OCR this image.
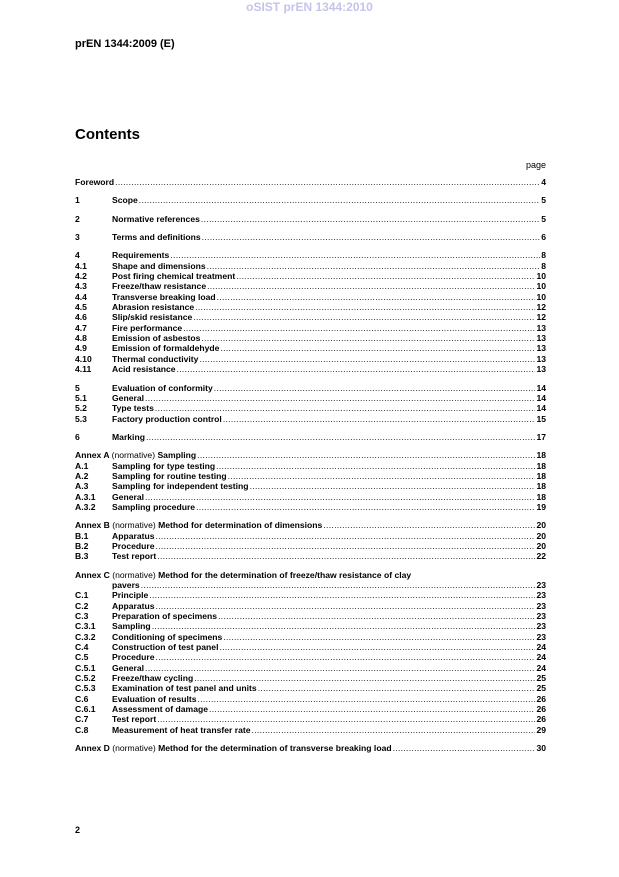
oSIST prEN 1344:2010
prEN 1344:2009 (E)
Contents
page
Foreword .....	4
1	Scope .....	5
2	Normative references .....	5
3	Terms and definitions .....	6
4	Requirements .....	8
4.1	Shape and dimensions .....	8
4.2	Post firing chemical treatment .....	10
4.3	Freeze/thaw resistance .....	10
4.4	Transverse breaking load .....	10
4.5	Abrasion resistance .....	12
4.6	Slip/skid resistance .....	12
4.7	Fire performance .....	13
4.8	Emission of asbestos .....	13
4.9	Emission of formaldehyde .....	13
4.10	Thermal conductivity .....	13
4.11	Acid resistance .....	13
5	Evaluation of conformity .....	14
5.1	General .....	14
5.2	Type tests .....	14
5.3	Factory production control .....	15
6	Marking .....	17
Annex A (normative) Sampling .....	18
A.1	Sampling for type testing .....	18
A.2	Sampling for routine testing .....	18
A.3	Sampling for independent testing .....	18
A.3.1	General .....	18
A.3.2	Sampling procedure .....	19
Annex B (normative) Method for determination of dimensions .....	20
B.1	Apparatus .....	20
B.2	Procedure .....	20
B.3	Test report .....	22
Annex C (normative) Method for the determination of freeze/thaw resistance of clay
pavers .....	23
C.1	Principle .....	23
C.2	Apparatus .....	23
C.3	Preparation of specimens .....	23
C.3.1	Sampling .....	23
C.3.2	Conditioning of specimens .....	23
C.4	Construction of test panel .....	24
C.5	Procedure .....	24
C.5.1	General .....	24
C.5.2	Freeze/thaw cycling .....	25
C.5.3	Examination of test panel and units .....	25
C.6	Evaluation of results .....	26
C.6.1	Assessment of damage .....	26
C.7	Test report .....	26
C.8	Measurement of heat transfer rate .....	29
Annex D (normative) Method for the determination of transverse breaking load .....	30
2
